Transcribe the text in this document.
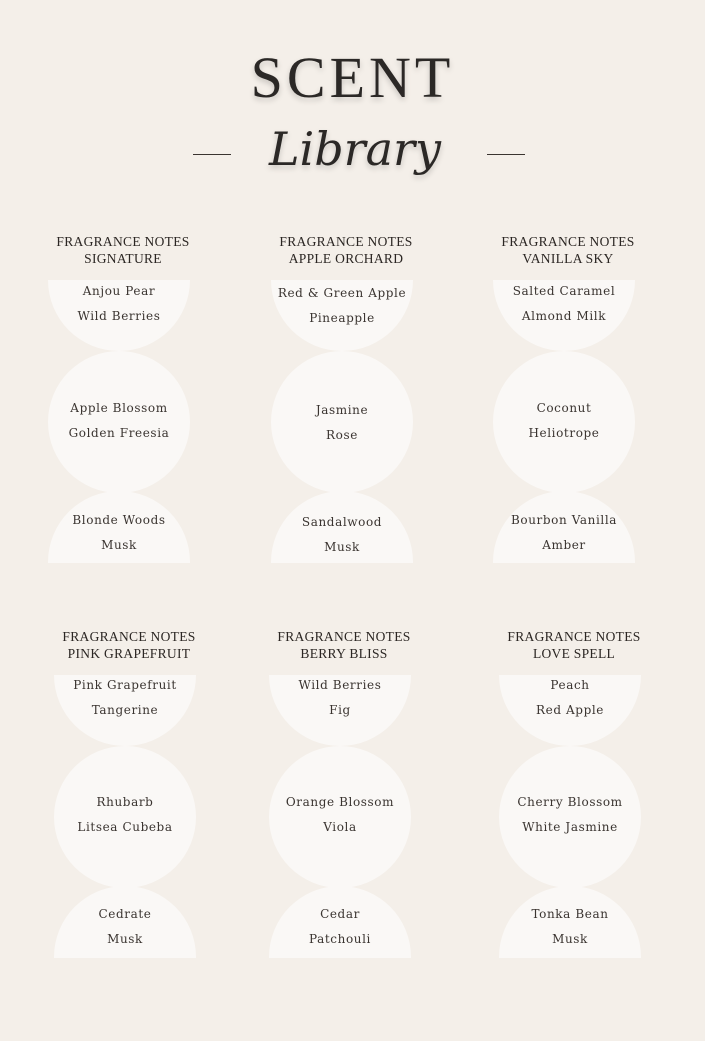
SCENT
Library
FRAGRANCE NOTES
SIGNATURE
Anjou Pear
Wild Berries
Apple Blossom
Golden Freesia
Blonde Woods
Musk
FRAGRANCE NOTES
APPLE ORCHARD
Red & Green Apple
Pineapple
Jasmine
Rose
Sandalwood
Musk
FRAGRANCE NOTES
VANILLA SKY
Salted Caramel
Almond Milk
Coconut
Heliotrope
Bourbon Vanilla
Amber
FRAGRANCE NOTES
PINK GRAPEFRUIT
Pink Grapefruit
Tangerine
Rhubarb
Litsea Cubeba
Cedrate
Musk
FRAGRANCE NOTES
BERRY BLISS
Wild Berries
Fig
Orange Blossom
Viola
Cedar
Patchouli
FRAGRANCE NOTES
LOVE SPELL
Peach
Red Apple
Cherry Blossom
White Jasmine
Tonka Bean
Musk
